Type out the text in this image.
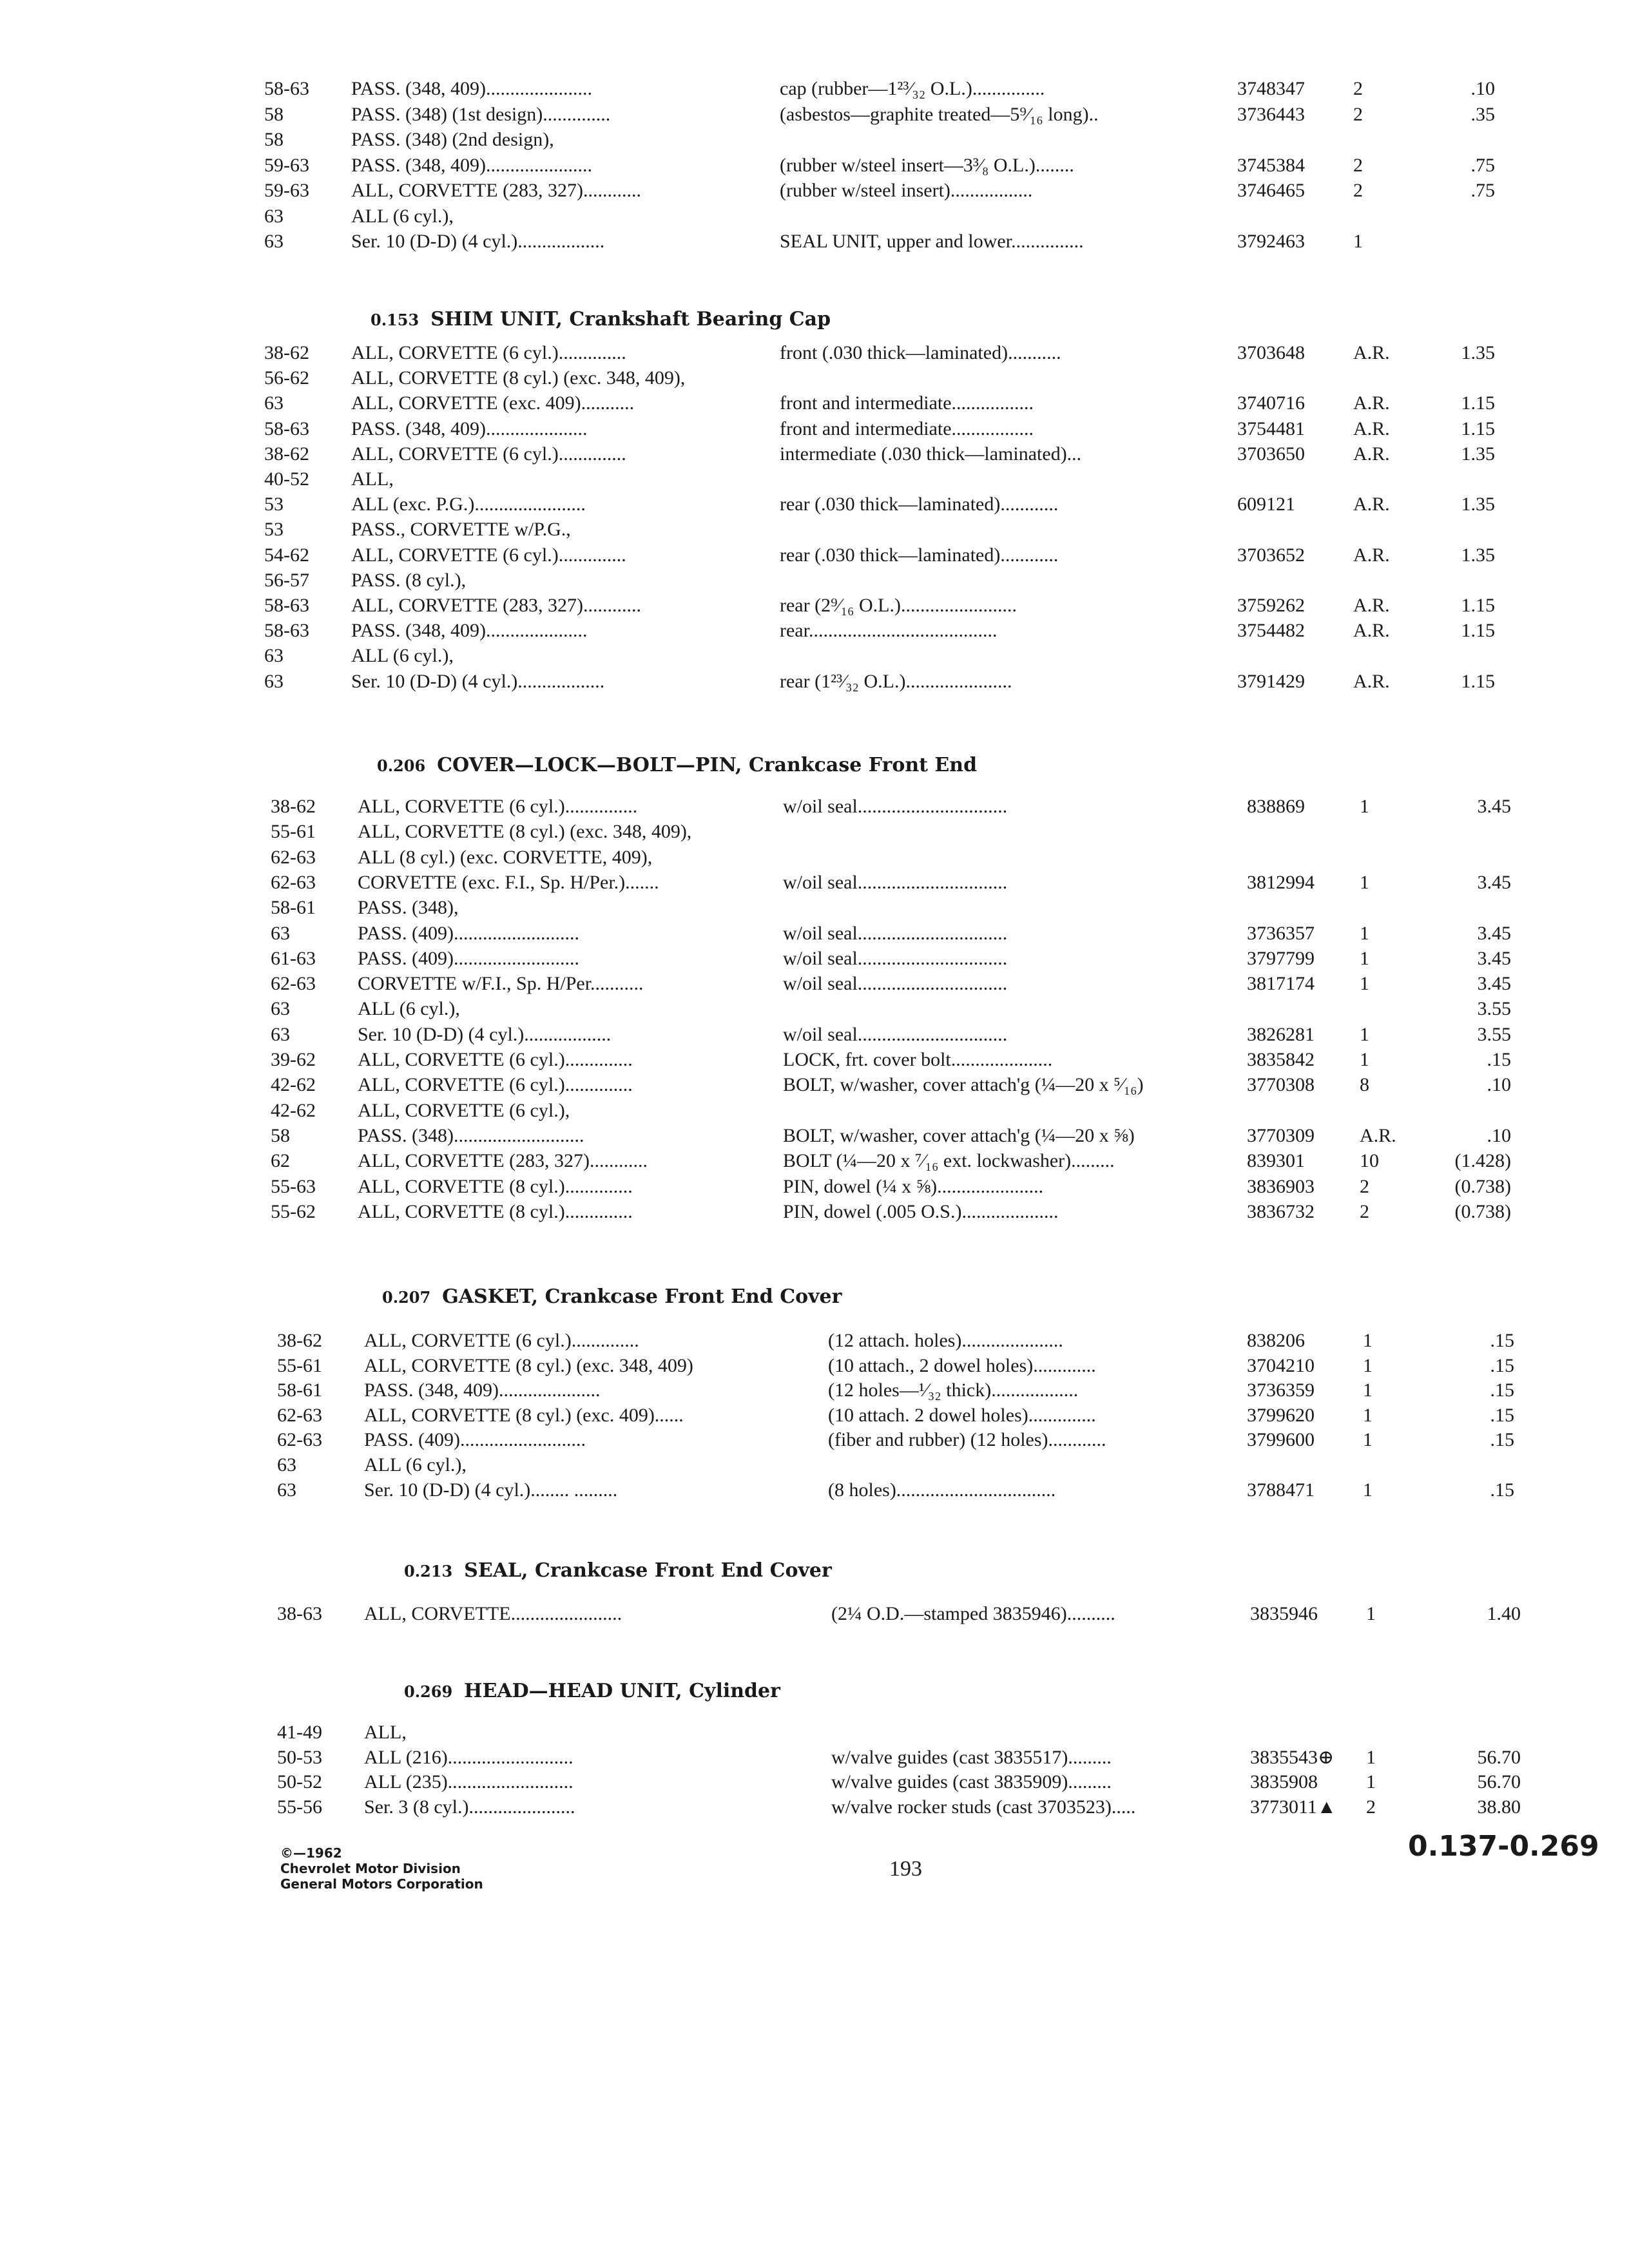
58-63 PASS. (348, 409)......................	cap (rubber—1²³⁄₃₂ O.L.)...............	3748347	2	.10
58	PASS. (348) (1st design)..............	(asbestos—graphite treated—5⁹⁄₁₆ long)..	3736443	2	.35
58	PASS. (348) (2nd design),
59-63 PASS. (348, 409)......................	(rubber w/steel insert—3³⁄₈ O.L.)........	3745384	2	.75
59-63 ALL, CORVETTE (283, 327)............	(rubber w/steel insert).................	3746465	2	.75
63	ALL (6 cyl.),
63	Ser. 10 (D-D) (4 cyl.)..................	SEAL UNIT, upper and lower...............	3792463	1
0.153 SHIM UNIT, Crankshaft Bearing Cap
38-62 ALL, CORVETTE (6 cyl.)..............	front (.030 thick—laminated)...........	3703648	A.R.	1.35
56-62 ALL, CORVETTE (8 cyl.) (exc. 348, 409),
63	ALL, CORVETTE (exc. 409)...........	front and intermediate.................	3740716	A.R.	1.15
58-63 PASS. (348, 409).....................	front and intermediate.................	3754481	A.R.	1.15
38-62 ALL, CORVETTE (6 cyl.)..............	intermediate (.030 thick—laminated)...	3703650	A.R.	1.35
40-52 ALL,
53	ALL (exc. P.G.).......................	rear (.030 thick—laminated)............	609121	A.R.	1.35
53	PASS., CORVETTE w/P.G.,
54-62 ALL, CORVETTE (6 cyl.)..............	rear (.030 thick—laminated)............	3703652	A.R.	1.35
56-57 PASS. (8 cyl.),
58-63 ALL, CORVETTE (283, 327)............	rear (2⁹⁄₁₆ O.L.)........................	3759262	A.R.	1.15
58-63 PASS. (348, 409).....................	rear.......................................	3754482	A.R.	1.15
63	ALL (6 cyl.),
63	Ser. 10 (D-D) (4 cyl.)..................	rear (1²³⁄₃₂ O.L.)......................	3791429	A.R.	1.15
0.206 COVER—LOCK—BOLT—PIN, Crankcase Front End
38-62 ALL, CORVETTE (6 cyl.)...............	w/oil seal...............................	838869	1	3.45
55-61 ALL, CORVETTE (8 cyl.) (exc. 348, 409),
62-63 ALL (8 cyl.) (exc. CORVETTE, 409),
62-63 CORVETTE (exc. F.I., Sp. H/Per.).......	w/oil seal...............................	3812994 1	3.45
58-61 PASS. (348),
63	PASS. (409)..........................	w/oil seal...............................	3736357 1	3.45
61-63 PASS. (409)..........................	w/oil seal...............................	3797799 1	3.45
62-63 CORVETTE w/F.I., Sp. H/Per...........	w/oil seal...............................	3817174 1	3.45
63	ALL (6 cyl.),	3.55
63	Ser. 10 (D-D) (4 cyl.)..................	w/oil seal...............................	3826281 1	3.55
39-62 ALL, CORVETTE (6 cyl.)..............	LOCK, frt. cover bolt.....................	3835842 1	.15
42-62 ALL, CORVETTE (6 cyl.)..............	BOLT, w/washer, cover attach'g (¼—20 x ⁵⁄₁₆)	3770308 8	.10
42-62 ALL, CORVETTE (6 cyl.),
58	PASS. (348)...........................	BOLT, w/washer, cover attach'g (¼—20 x ⅝)	3770309 A.R.	.10
62	ALL, CORVETTE (283, 327)............	BOLT (¼—20 x ⁷⁄₁₆ ext. lockwasher).........	839301	10	(1.428)
55-63 ALL, CORVETTE (8 cyl.)..............	PIN, dowel (¼ x ⅝)......................	3836903 2	(0.738)
55-62 ALL, CORVETTE (8 cyl.)..............	PIN, dowel (.005 O.S.)....................	3836732 2	(0.738)
0.207 GASKET, Crankcase Front End Cover
38-62 ALL, CORVETTE (6 cyl.)..............	(12 attach. holes).....................	838206	1	.15
55-61 ALL, CORVETTE (8 cyl.) (exc. 348, 409)	(10 attach., 2 dowel holes).............	3704210	1	.15
58-61 PASS. (348, 409).....................	(12 holes—¹⁄₃₂ thick)..................	3736359	1	.15
62-63 ALL, CORVETTE (8 cyl.) (exc. 409)......	(10 attach. 2 dowel holes)..............	3799620	1	.15
62-63 PASS. (409)..........................	(fiber and rubber) (12 holes)............	3799600	1	.15
63	ALL (6 cyl.),
63	Ser. 10 (D-D) (4 cyl.)........ .........	(8 holes).................................	3788471	1	.15
0.213 SEAL, Crankcase Front End Cover
38-63 ALL, CORVETTE.......................	(2¼ O.D.—stamped 3835946)..........	3835946	1	1.40
0.269 HEAD—HEAD UNIT, Cylinder
41-49 ALL,
50-53 ALL (216)..........................	w/valve guides (cast 3835517).........	3835543⊕ 1	56.70
50-52 ALL (235)..........................	w/valve guides (cast 3835909).........	3835908	1	56.70
55-56 Ser. 3 (8 cyl.)......................	w/valve rocker studs (cast 3703523).....	3773011▲ 2	38.80
©—1962
Chevrolet Motor Division
General Motors Corporation
193
0.137-0.269
